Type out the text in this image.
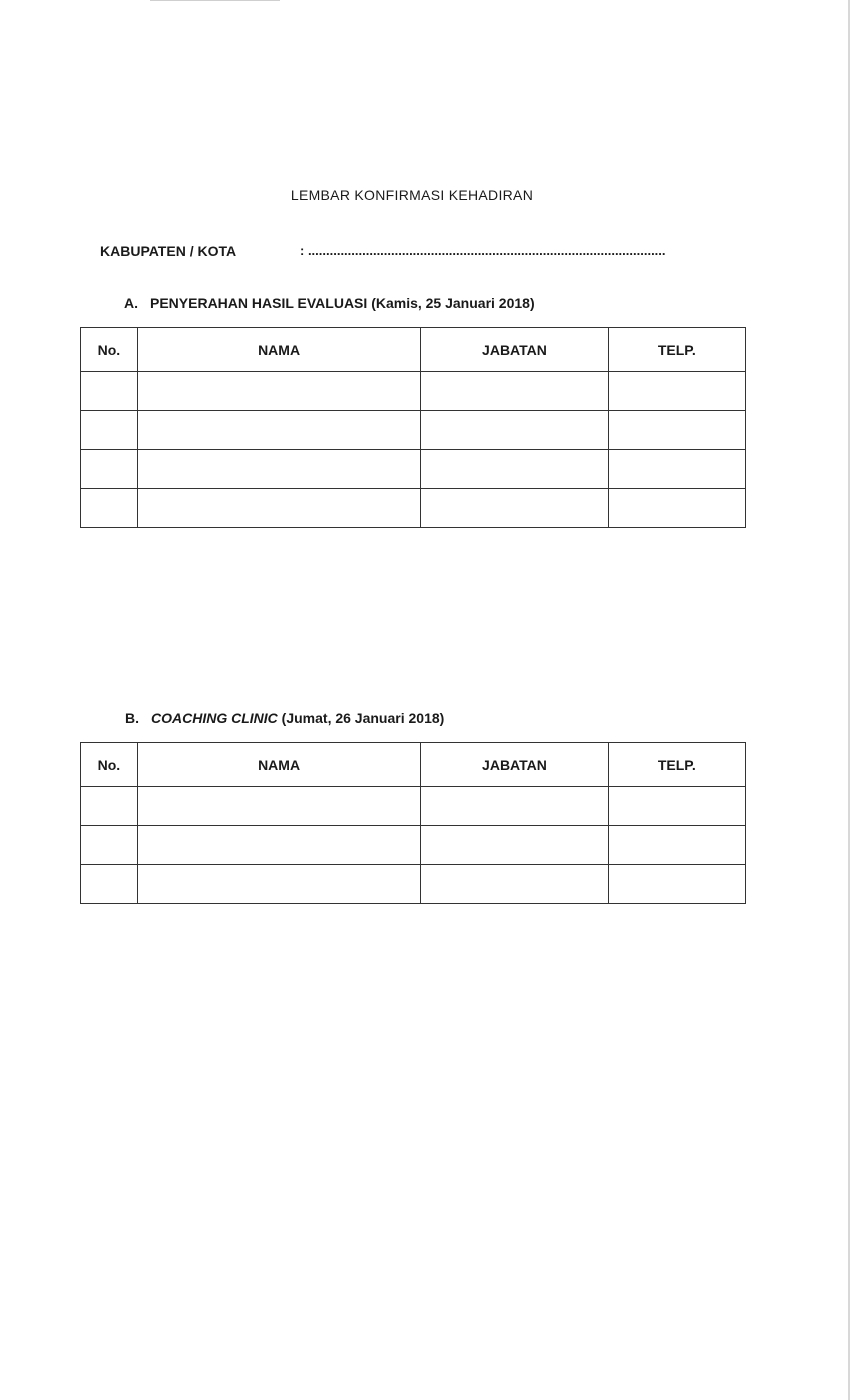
LEMBAR KONFIRMASI KEHADIRAN
KABUPATEN / KOTA	: ...................................................................................................
A. PENYERAHAN HASIL EVALUASI (Kamis, 25 Januari 2018)
No.	NAMA	JABATAN	TELP.

B. COACHING CLINIC (Jumat, 26 Januari 2018)
No.	NAMA	JABATAN	TELP.
